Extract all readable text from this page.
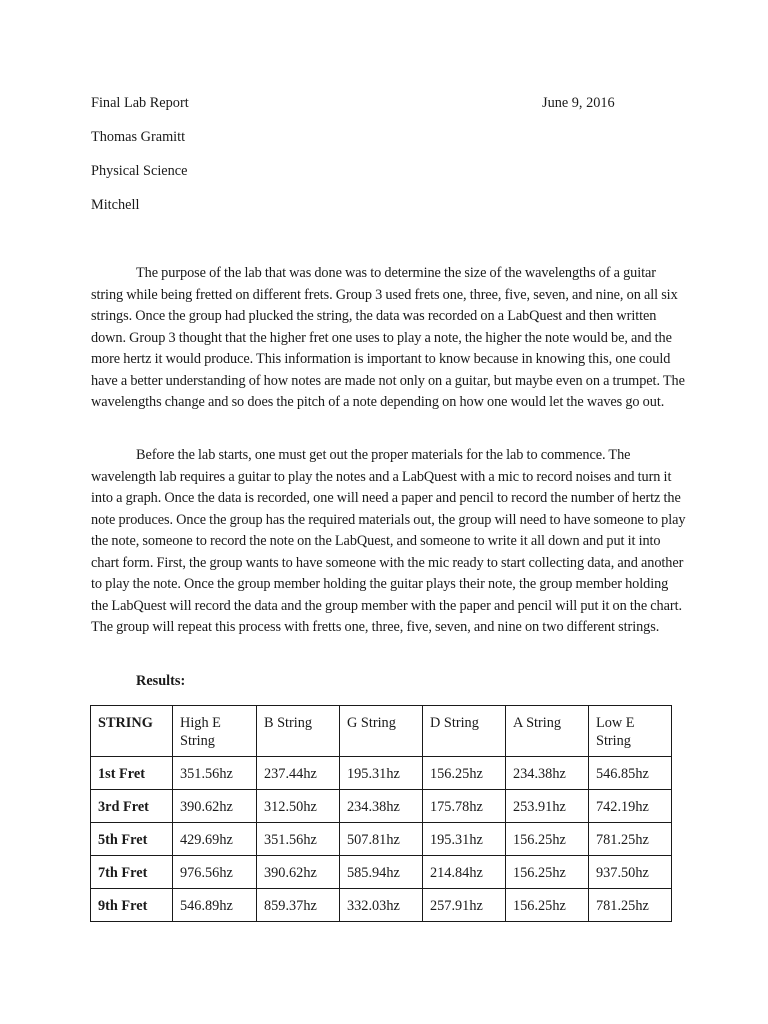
Final Lab Report	June 9, 2016
Thomas Gramitt
Physical Science
Mitchell

The purpose of the lab that was done was to determine the size of the wavelengths of a guitar string while being fretted on different frets. Group 3 used frets one, three, five, seven, and nine, on all six strings. Once the group had plucked the string, the data was recorded on a LabQuest and then written down. Group 3 thought that the higher fret one uses to play a note, the higher the note would be, and the more hertz it would produce. This information is important to know because in knowing this, one could have a better understanding of how notes are made not only on a guitar, but maybe even on a trumpet. The wavelengths change and so does the pitch of a note depending on how one would let the waves go out.

Before the lab starts, one must get out the proper materials for the lab to commence. The wavelength lab requires a guitar to play the notes and a LabQuest with a mic to record noises and turn it into a graph. Once the data is recorded, one will need a paper and pencil to record the number of hertz the note produces. Once the group has the required materials out, the group will need to have someone to play the note, someone to record the note on the LabQuest, and someone to write it all down and put it into chart form. First, the group wants to have someone with the mic ready to start collecting data, and another to play the note. Once the group member holding the guitar plays their note, the group member holding the LabQuest will record the data and the group member with the paper and pencil will put it on the chart. The group will repeat this process with fretts one, three, five, seven, and nine on two different strings.

Results:
STRING	High E String	B String	G String	D String	A String	Low E String
1st Fret	351.56hz	237.44hz	195.31hz	156.25hz	234.38hz	546.85hz
3rd Fret	390.62hz	312.50hz	234.38hz	175.78hz	253.91hz	742.19hz
5th Fret	429.69hz	351.56hz	507.81hz	195.31hz	156.25hz	781.25hz
7th Fret	976.56hz	390.62hz	585.94hz	214.84hz	156.25hz	937.50hz
9th Fret	546.89hz	859.37hz	332.03hz	257.91hz	156.25hz	781.25hz
